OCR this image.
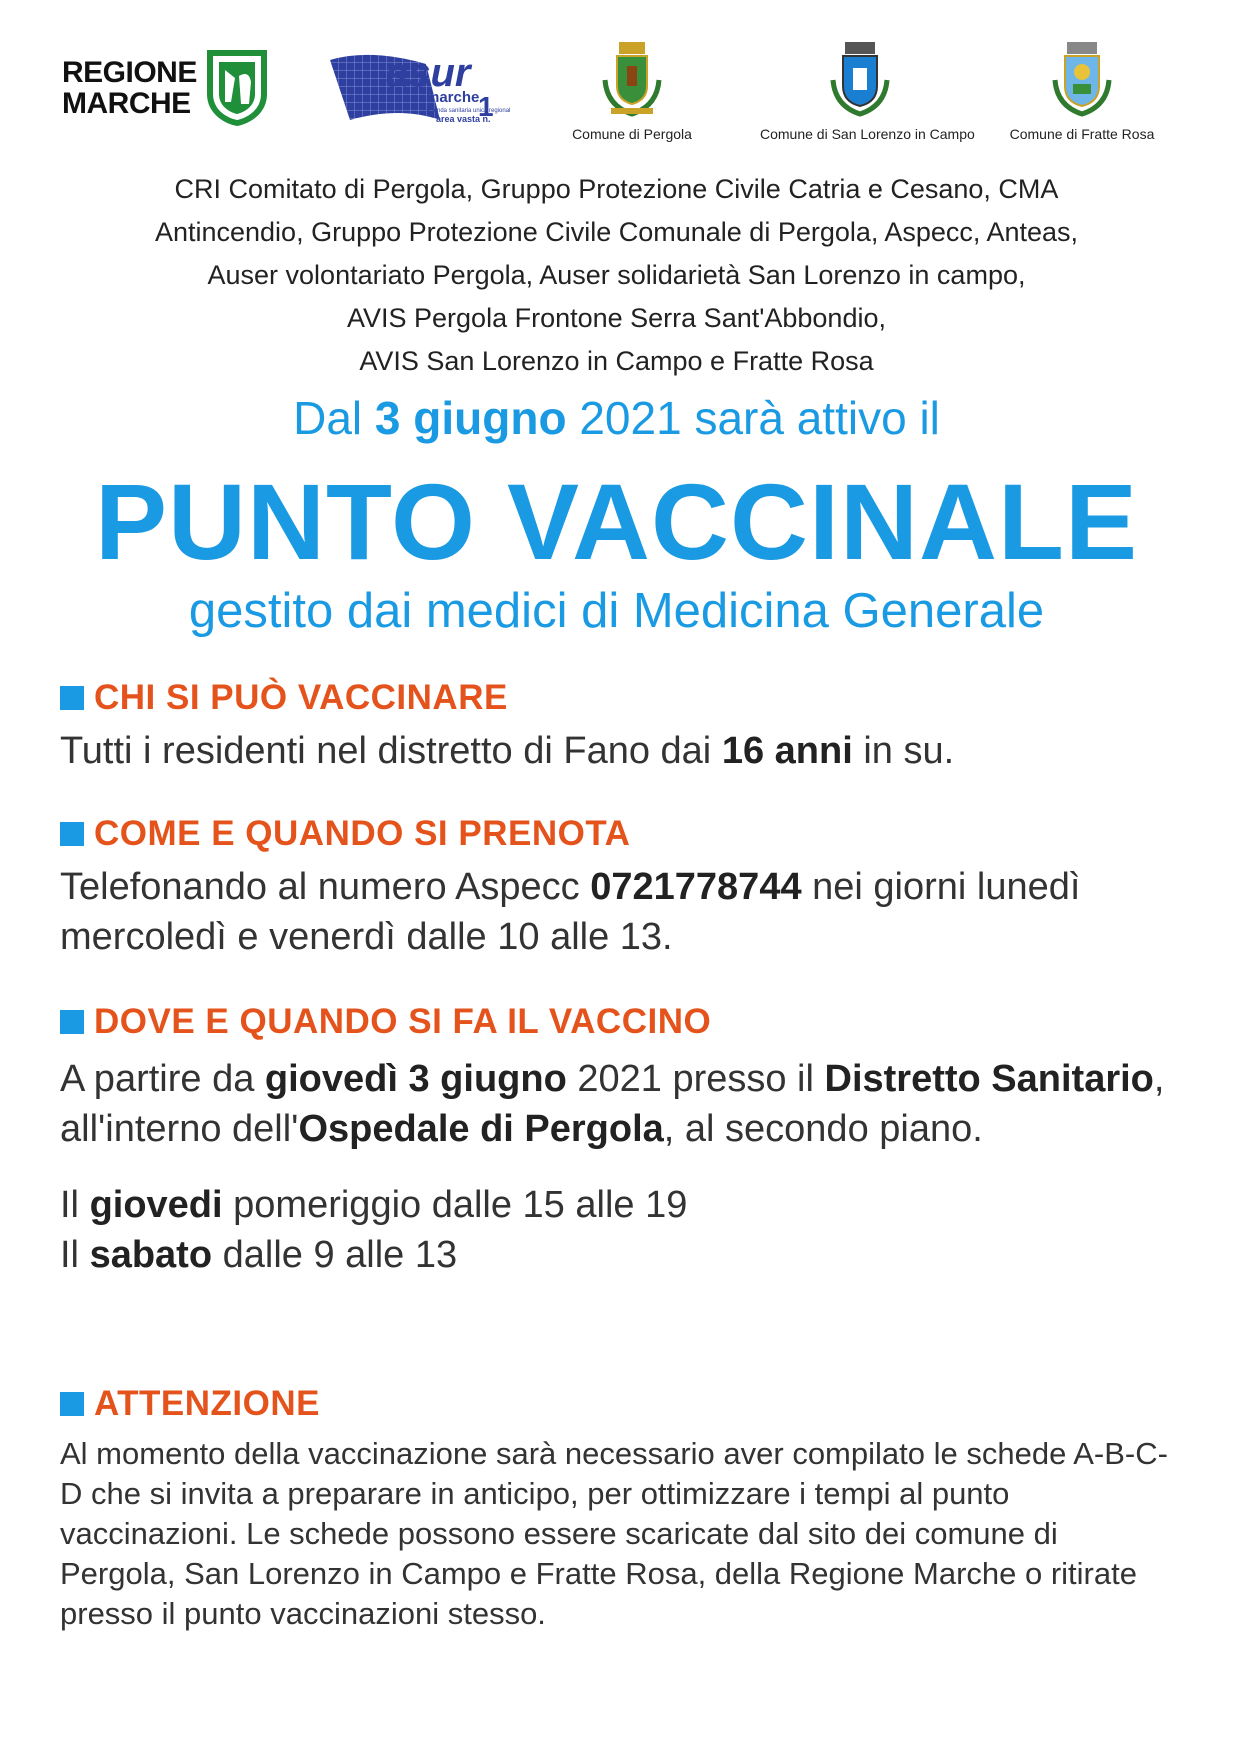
REGIONE
MARCHE
asur
marche
1
azienda sanitaria unica regionale
area vasta n.
Comune di Pergola	Comune di San Lorenzo in Campo	Comune di Fratte Rosa
CRI Comitato di Pergola, Gruppo Protezione Civile Catria e Cesano, CMA
Antincendio, Gruppo Protezione Civile Comunale di Pergola, Aspecc, Anteas,
Auser volontariato Pergola, Auser solidarietà San Lorenzo in campo,
AVIS Pergola Frontone Serra Sant'Abbondio,
AVIS San Lorenzo in Campo e Fratte Rosa
Dal 3 giugno 2021 sarà attivo il
PUNTO VACCINALE
gestito dai medici di Medicina Generale
CHI SI PUÒ VACCINARE
Tutti i residenti nel distretto di Fano dai 16 anni in su.
COME E QUANDO SI PRENOTA
Telefonando al numero Aspecc 0721778744 nei giorni lunedì mercoledì e venerdì dalle 10 alle 13.
DOVE E QUANDO SI FA IL VACCINO
A partire da giovedì 3 giugno 2021 presso il Distretto Sanitario, all'interno dell'Ospedale di Pergola, al secondo piano.
Il giovedi pomeriggio dalle 15 alle 19
Il sabato dalle 9 alle 13
ATTENZIONE
Al momento della vaccinazione sarà necessario aver compilato le schede A-B-C-D che si invita a preparare in anticipo, per ottimizzare i tempi al punto vaccinazioni. Le schede possono essere scaricate dal sito dei comune di Pergola, San Lorenzo in Campo e Fratte Rosa, della Regione Marche o ritirate presso il punto vaccinazioni stesso.
